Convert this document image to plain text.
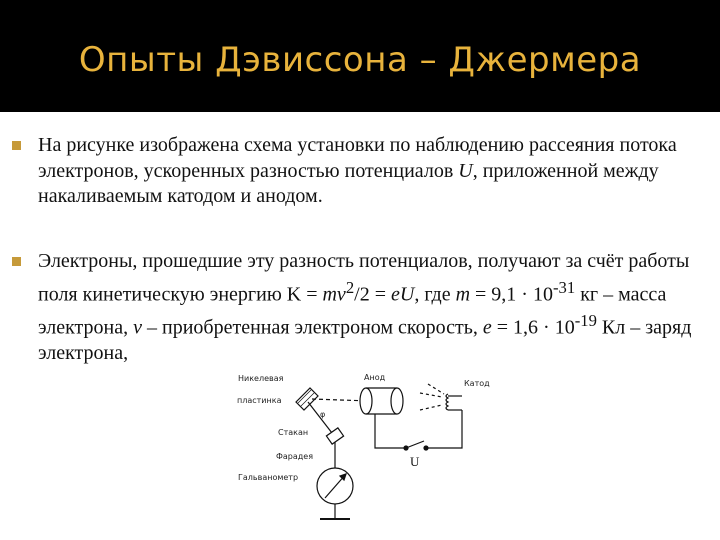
Опыты Дэвиссона – Джермера
На рисунке изображена схема установки по наблюдению рассеяния потока электронов, ускоренных разностью потенциалов U, приложенной между накаливаемым катодом и анодом.
Электроны, прошедшие эту разность потенциалов, получают за счёт работы поля кинетическую энергию $K = mv^2/2$ = eU, где $m = 9,1 \cdot 10^{-31}$ кг – масса электрона, v – приобретенная электроном скорость, $e = 1,6 \cdot 10^{-19}$ Кл – заряд электрона,
Никелевая
пластинка
Анод
Катод
φ
Стакан
Фарадея
Гальванометр
U
